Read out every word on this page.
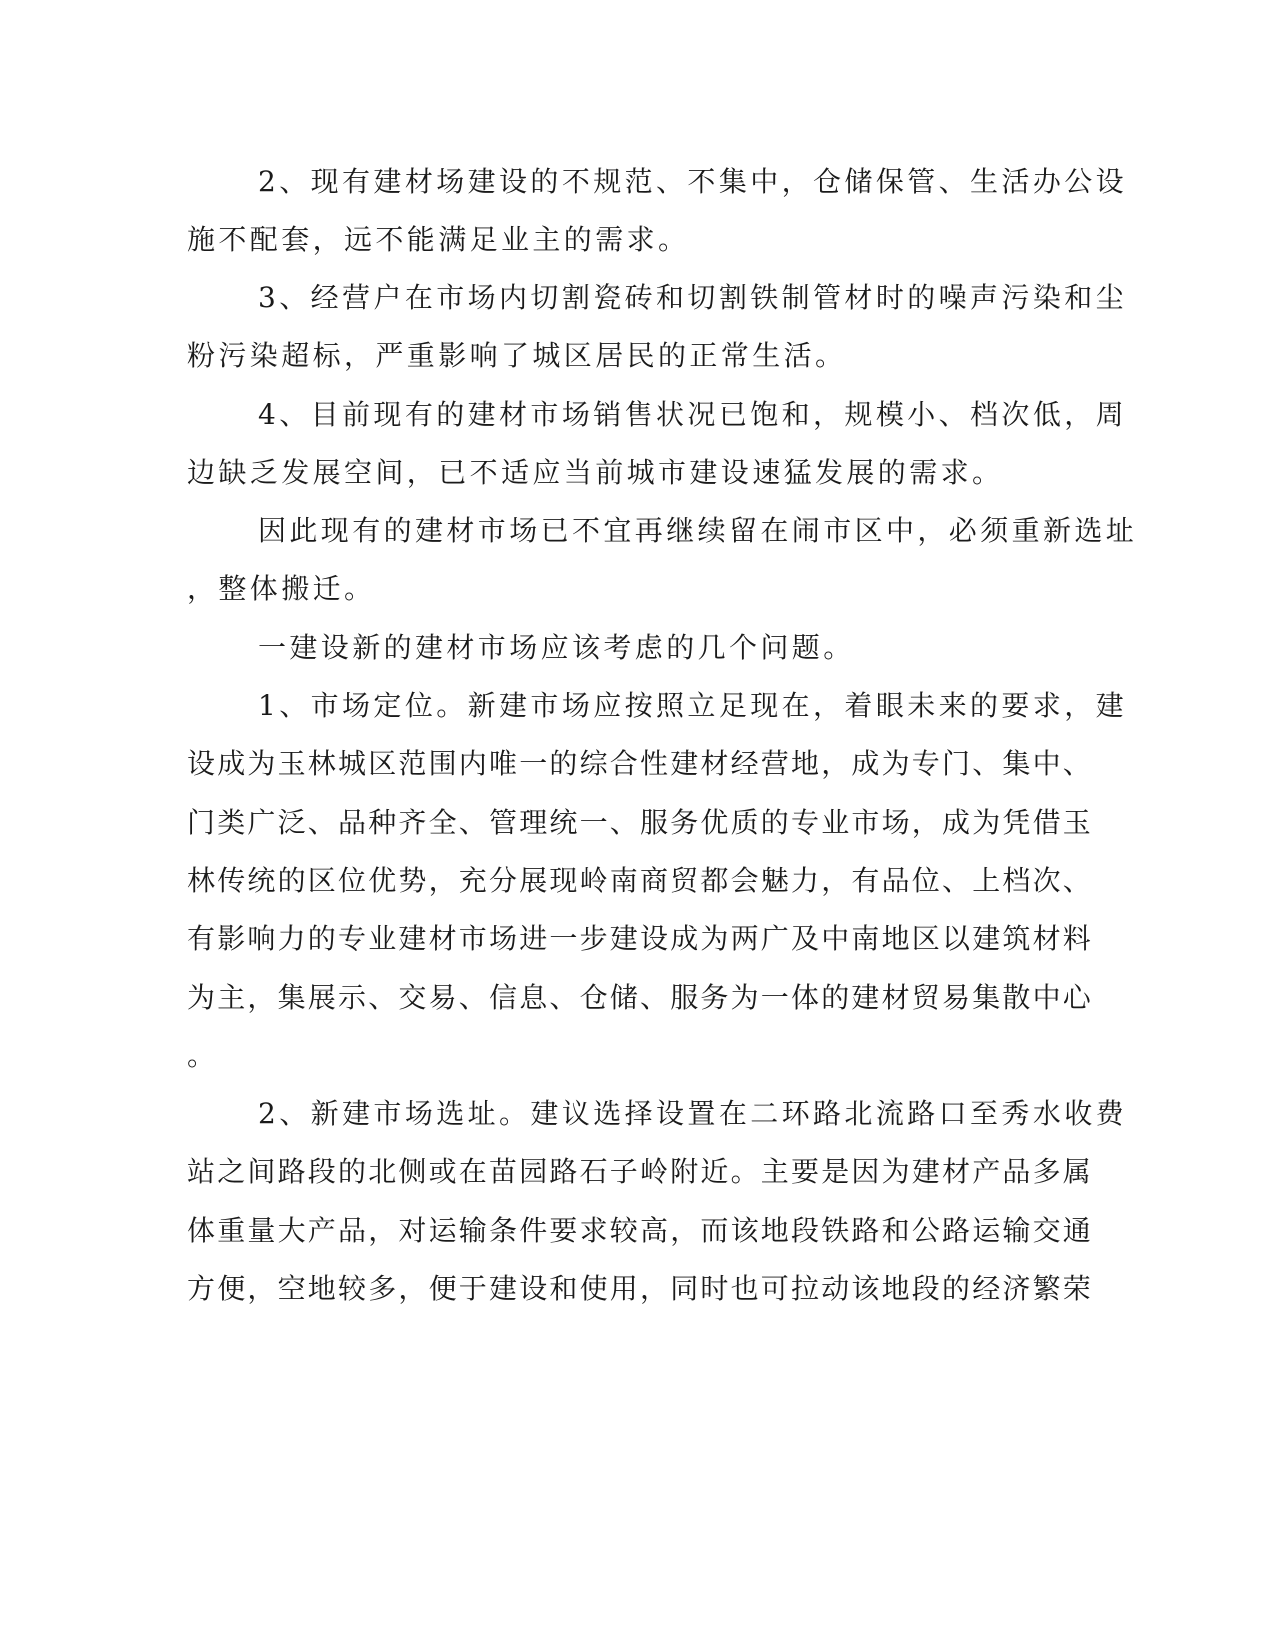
2、现有建材场建设的不规范、不集中，仓储保管、生活办公设

施不配套，远不能满足业主的需求。

3、经营户在市场内切割瓷砖和切割铁制管材时的噪声污染和尘

粉污染超标，严重影响了城区居民的正常生活。

4、目前现有的建材市场销售状况已饱和，规模小、档次低，周

边缺乏发展空间，已不适应当前城市建设速猛发展的需求。

因此现有的建材市场已不宜再继续留在闹市区中，必须重新选址

，整体搬迁。

一建设新的建材市场应该考虑的几个问题。

1、市场定位。新建市场应按照立足现在，着眼未来的要求，建

设成为玉林城区范围内唯一的综合性建材经营地，成为专门、集中、

门类广泛、品种齐全、管理统一、服务优质的专业市场，成为凭借玉

林传统的区位优势，充分展现岭南商贸都会魅力，有品位、上档次、

有影响力的专业建材市场进一步建设成为两广及中南地区以建筑材料

为主，集展示、交易、信息、仓储、服务为一体的建材贸易集散中心

。

2、新建市场选址。建议选择设置在二环路北流路口至秀水收费

站之间路段的北侧或在苗园路石子岭附近。主要是因为建材产品多属

体重量大产品，对运输条件要求较高，而该地段铁路和公路运输交通

方便，空地较多，便于建设和使用，同时也可拉动该地段的经济繁荣
